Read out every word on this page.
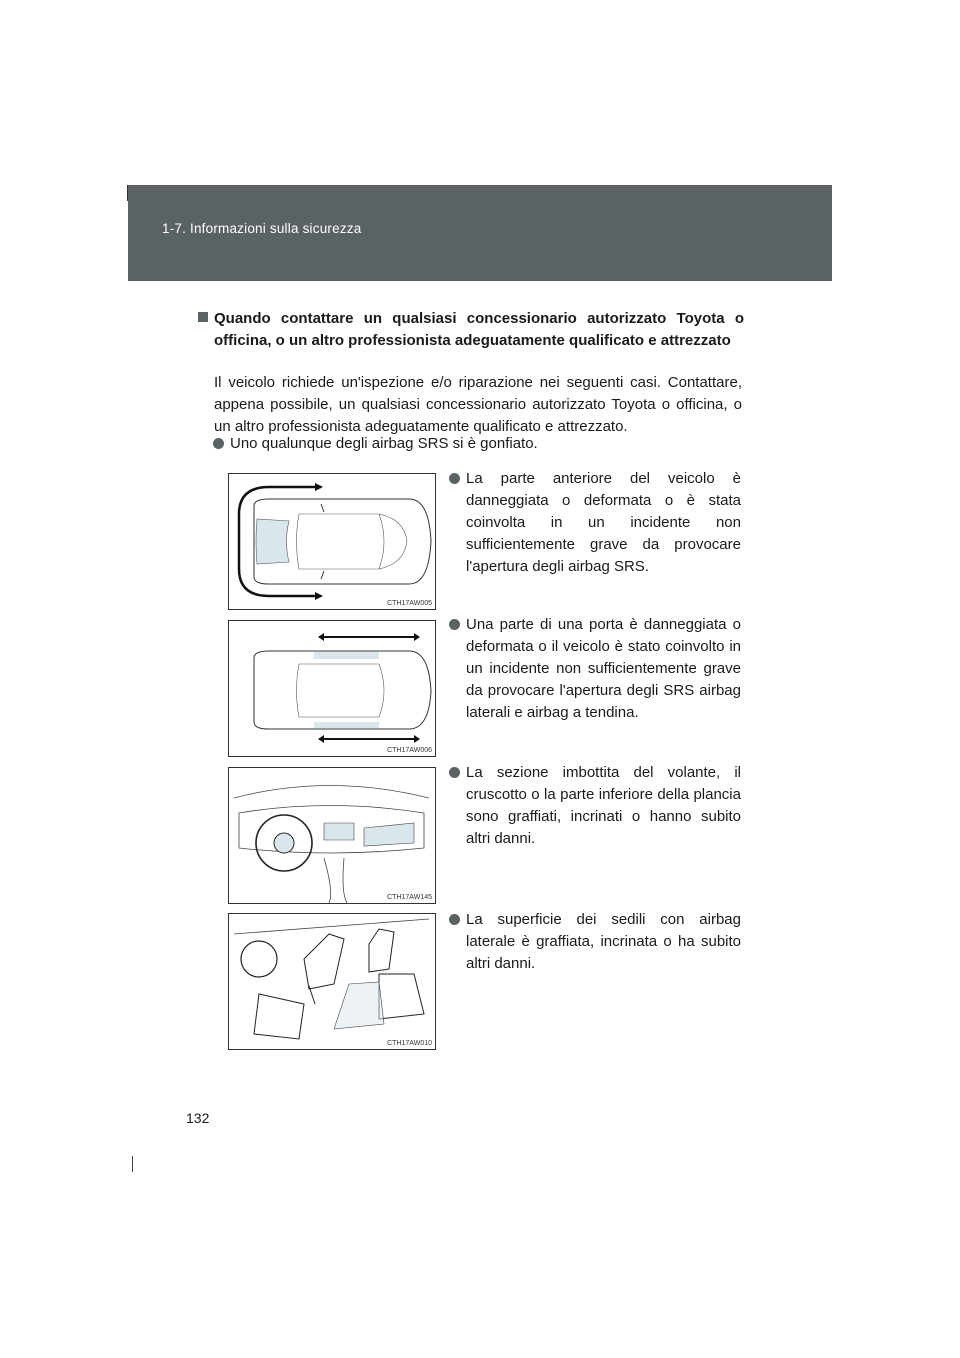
1-7. Informazioni sulla sicurezza
Quando contattare un qualsiasi concessionario autorizzato Toyota o officina, o un altro professionista adeguatamente qualificato e attrezzato
Il veicolo richiede un'ispezione e/o riparazione nei seguenti casi. Contattare, appena possibile, un qualsiasi concessionario autorizzato Toyota o officina, o un altro professionista adeguatamente qualificato e attrezzato.
Uno qualunque degli airbag SRS si è gonfiato.
CTH17AW005
La parte anteriore del veicolo è danneggiata o deformata o è stata coinvolta in un incidente non sufficientemente grave da provocare l'apertura degli airbag SRS.
CTH17AW006
Una parte di una porta è danneggiata o deformata o il veicolo è stato coinvolto in un incidente non sufficientemente grave da provocare l'apertura degli SRS airbag laterali e airbag a tendina.
CTH17AW145
La sezione imbottita del volante, il cruscotto o la parte inferiore della plancia sono graffiati, incrinati o hanno subito altri danni.
CTH17AW010
La superficie dei sedili con airbag laterale è graffiata, incrinata o ha subito altri danni.
132
